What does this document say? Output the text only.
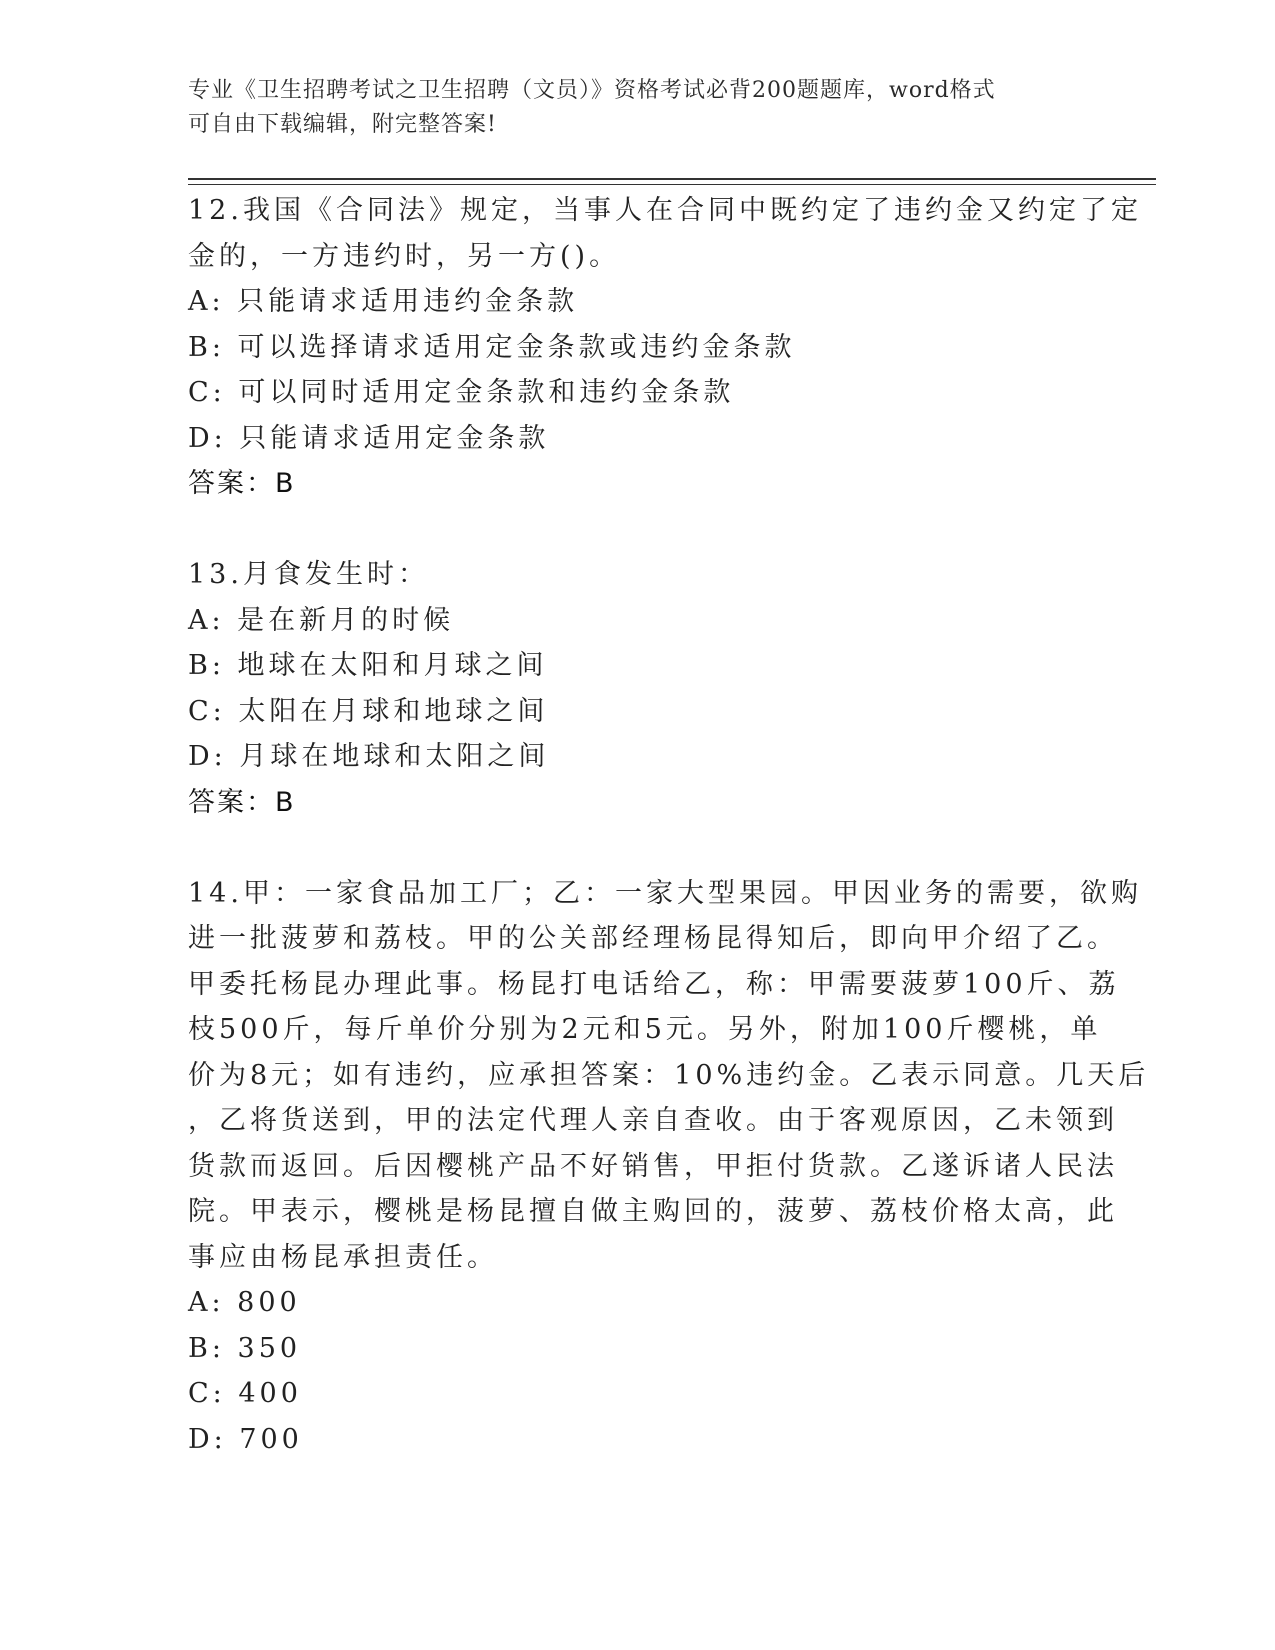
专业《卫生招聘考试之卫生招聘（文员）》资格考试必背200题题库，word格式
可自由下载编辑，附完整答案!
12.我国《合同法》规定，当事人在合同中既约定了违约金又约定了定
金的，一方违约时，另一方()。
A: 只能请求适用违约金条款
B: 可以选择请求适用定金条款或违约金条款
C: 可以同时适用定金条款和违约金条款
D: 只能请求适用定金条款
答案：B
13.月食发生时：
A: 是在新月的时候
B: 地球在太阳和月球之间
C: 太阳在月球和地球之间
D: 月球在地球和太阳之间
答案：B
14.甲：一家食品加工厂；乙：一家大型果园。甲因业务的需要，欲购
进一批菠萝和荔枝。甲的公关部经理杨昆得知后，即向甲介绍了乙。
甲委托杨昆办理此事。杨昆打电话给乙，称：甲需要菠萝100斤、荔
枝500斤，每斤单价分别为2元和5元。另外，附加100斤樱桃，单
价为8元；如有违约，应承担答案：10%违约金。乙表示同意。几天后
，乙将货送到，甲的法定代理人亲自查收。由于客观原因，乙未领到
货款而返回。后因樱桃产品不好销售，甲拒付货款。乙遂诉诸人民法
院。甲表示，樱桃是杨昆擅自做主购回的，菠萝、荔枝价格太高，此
事应由杨昆承担责任。
A: 800
B: 350
C: 400
D: 700
